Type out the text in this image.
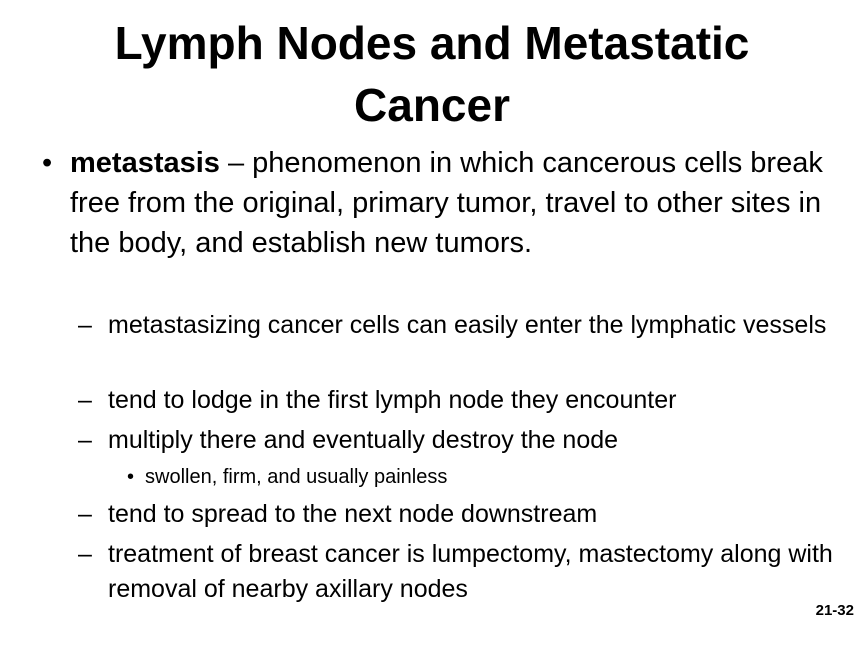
Lymph Nodes and Metastatic Cancer
• metastasis – phenomenon in which cancerous cells break free from the original, primary tumor, travel to other sites in the body, and establish new tumors.
– metastasizing cancer cells can easily enter the lymphatic vessels
– tend to lodge in the first lymph node they encounter
– multiply there and eventually destroy the node
• swollen, firm, and usually painless
– tend to spread to the next node downstream
– treatment of breast cancer is lumpectomy, mastectomy along with removal of nearby axillary nodes
21-32
